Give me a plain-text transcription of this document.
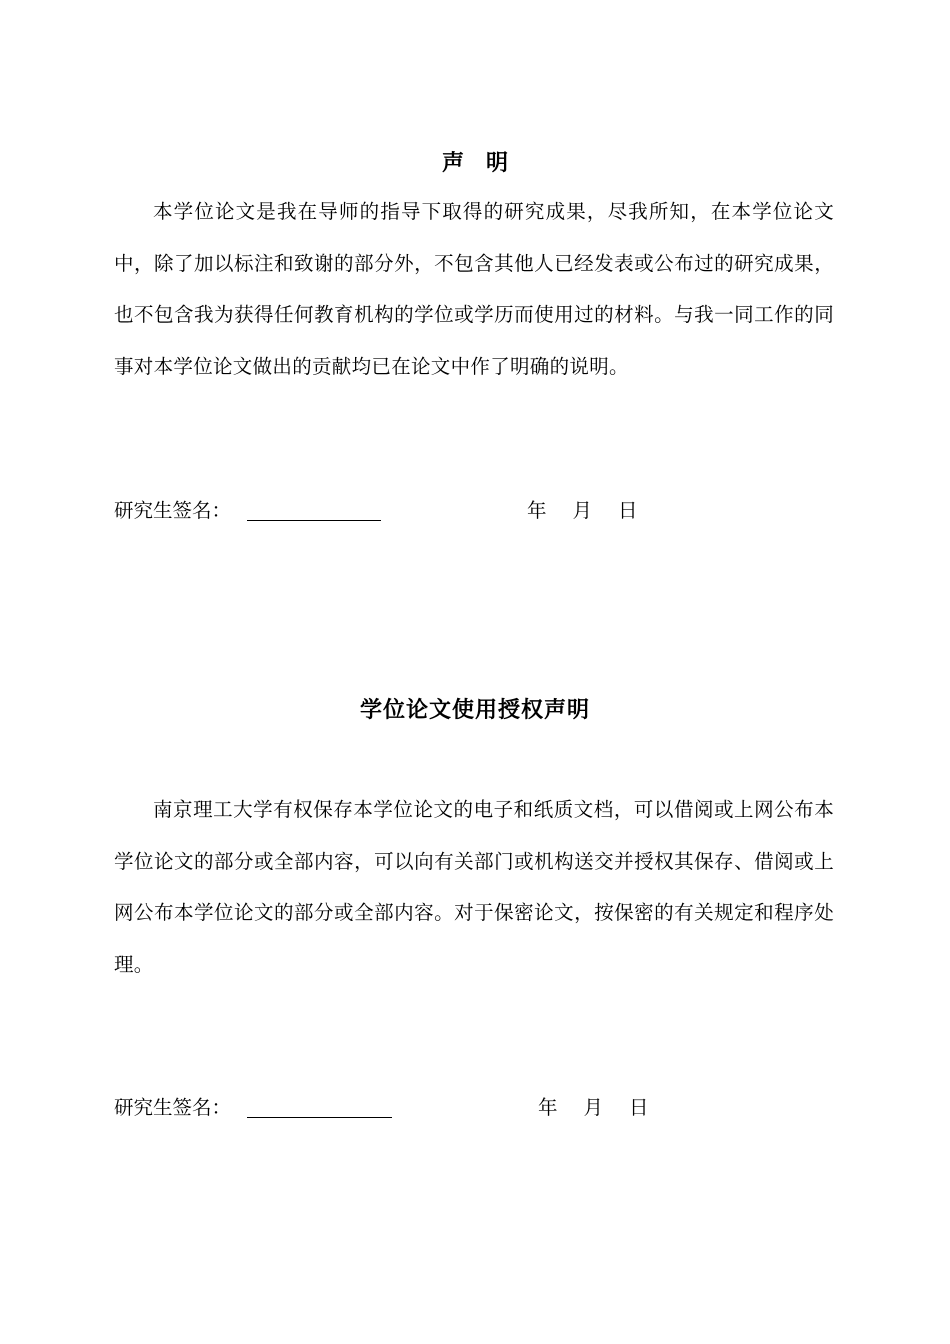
声明

本学位论文是我在导师的指导下取得的研究成果，尽我所知，在本学位论文中，除了加以标注和致谢的部分外，不包含其他人已经发表或公布过的研究成果，也不包含我为获得任何教育机构的学位或学历而使用过的材料。与我一同工作的同事对本学位论文做出的贡献均已在论文中作了明确的说明。

研究生签名：	年 月 日
学位论文使用授权声明

南京理工大学有权保存本学位论文的电子和纸质文档，可以借阅或上网公布本学位论文的部分或全部内容，可以向有关部门或机构送交并授权其保存、借阅或上网公布本学位论文的部分或全部内容。对于保密论文，按保密的有关规定和程序处理。

研究生签名：	年 月 日
